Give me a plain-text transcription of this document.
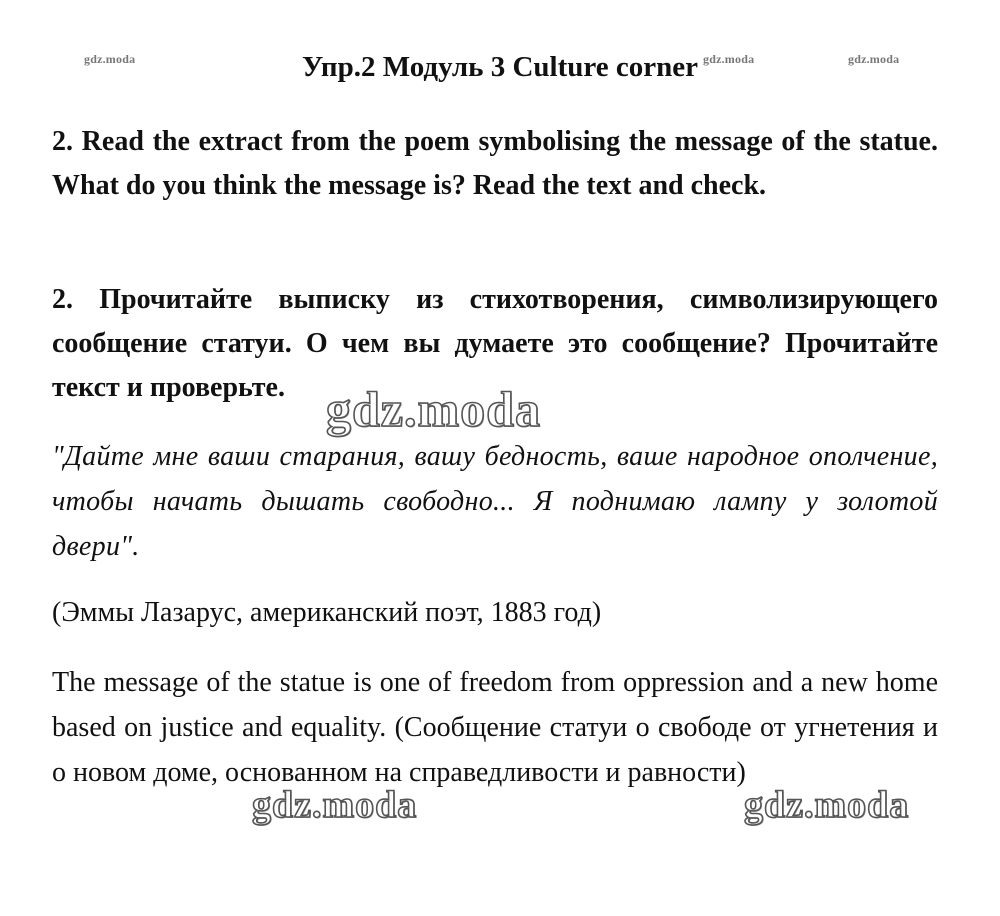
gdz.moda	gdz.moda	gdz.moda
Упр.2 Модуль 3 Culture corner
2. Read the extract from the poem symbolising the message of the statue. What do you think the message is? Read the text and check.
2. Прочитайте выписку из стихотворения, символизирующего сообщение статуи. О чем вы думаете это сообщение? Прочитайте текст и проверьте. gdz.moda
"Дайте мне ваши старания, вашу бедность, ваше народное ополчение, чтобы начать дышать свободно... Я поднимаю лампу у золотой двери".
(Эммы Лазарус, американский поэт, 1883 год)
The message of the statue is one of freedom from oppression and a new home based on justice and equality. (Сообщение статуи о свободе от угнетения и о новом доме, основанном на справедливости и равности)
gdz.moda	gdz.moda
